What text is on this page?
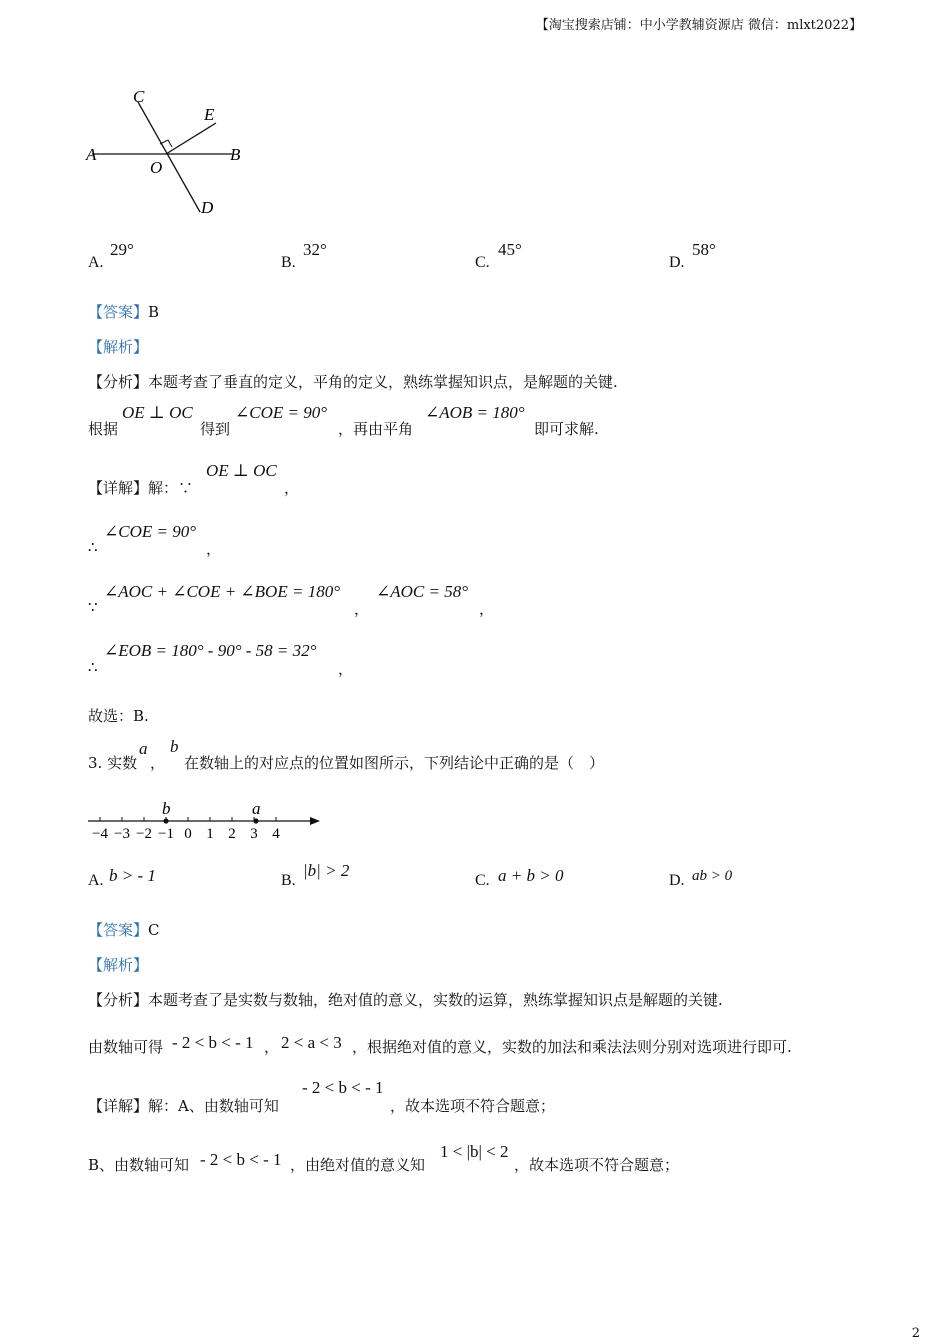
【淘宝搜索店铺：中小学教辅资源店 微信：mlxt2022】
A	B
C
D
E
O
A.
29°
B.
32°
C.
45°
D.
58°
【答案】B
【解析】
【分析】本题考查了垂直的定义，平角的定义，熟练掌握知识点，是解题的关键.
根据
OE ⊥ OC
得到
∠COE = 90°
，再由平角
∠AOB = 180°
即可求解.
【详解】解：∵
OE ⊥ OC
，
∴
∠COE = 90°
，
∵
∠AOC + ∠COE + ∠BOE = 180°
，
∠AOC = 58°
，
∴
∠EOB = 180° - 90° - 58 = 32°
，
故选：B.
3. 实数
a
，
b
在数轴上的对应点的位置如图所示，下列结论中正确的是（　）
−4 −3 −2 −1 0 1 2 3 4
b	a
A. b > - 1	B.
|b| > 2
C. a + b > 0	D. ab > 0
【答案】C
【解析】
【分析】本题考查了是实数与数轴，绝对值的意义，实数的运算，熟练掌握知识点是解题的关键.
由数轴可得 - 2 < b < - 1 ， 2 < a < 3 ，根据绝对值的意义，实数的加法和乘法法则分别对选项进行即可.
【详解】解：A、由数轴可知
- 2 < b < - 1
，故本选项不符合题意；
B、由数轴可知 - 2 < b < - 1 ，由绝对值的意义知
1 < |b| < 2
，故本选项不符合题意；
2
